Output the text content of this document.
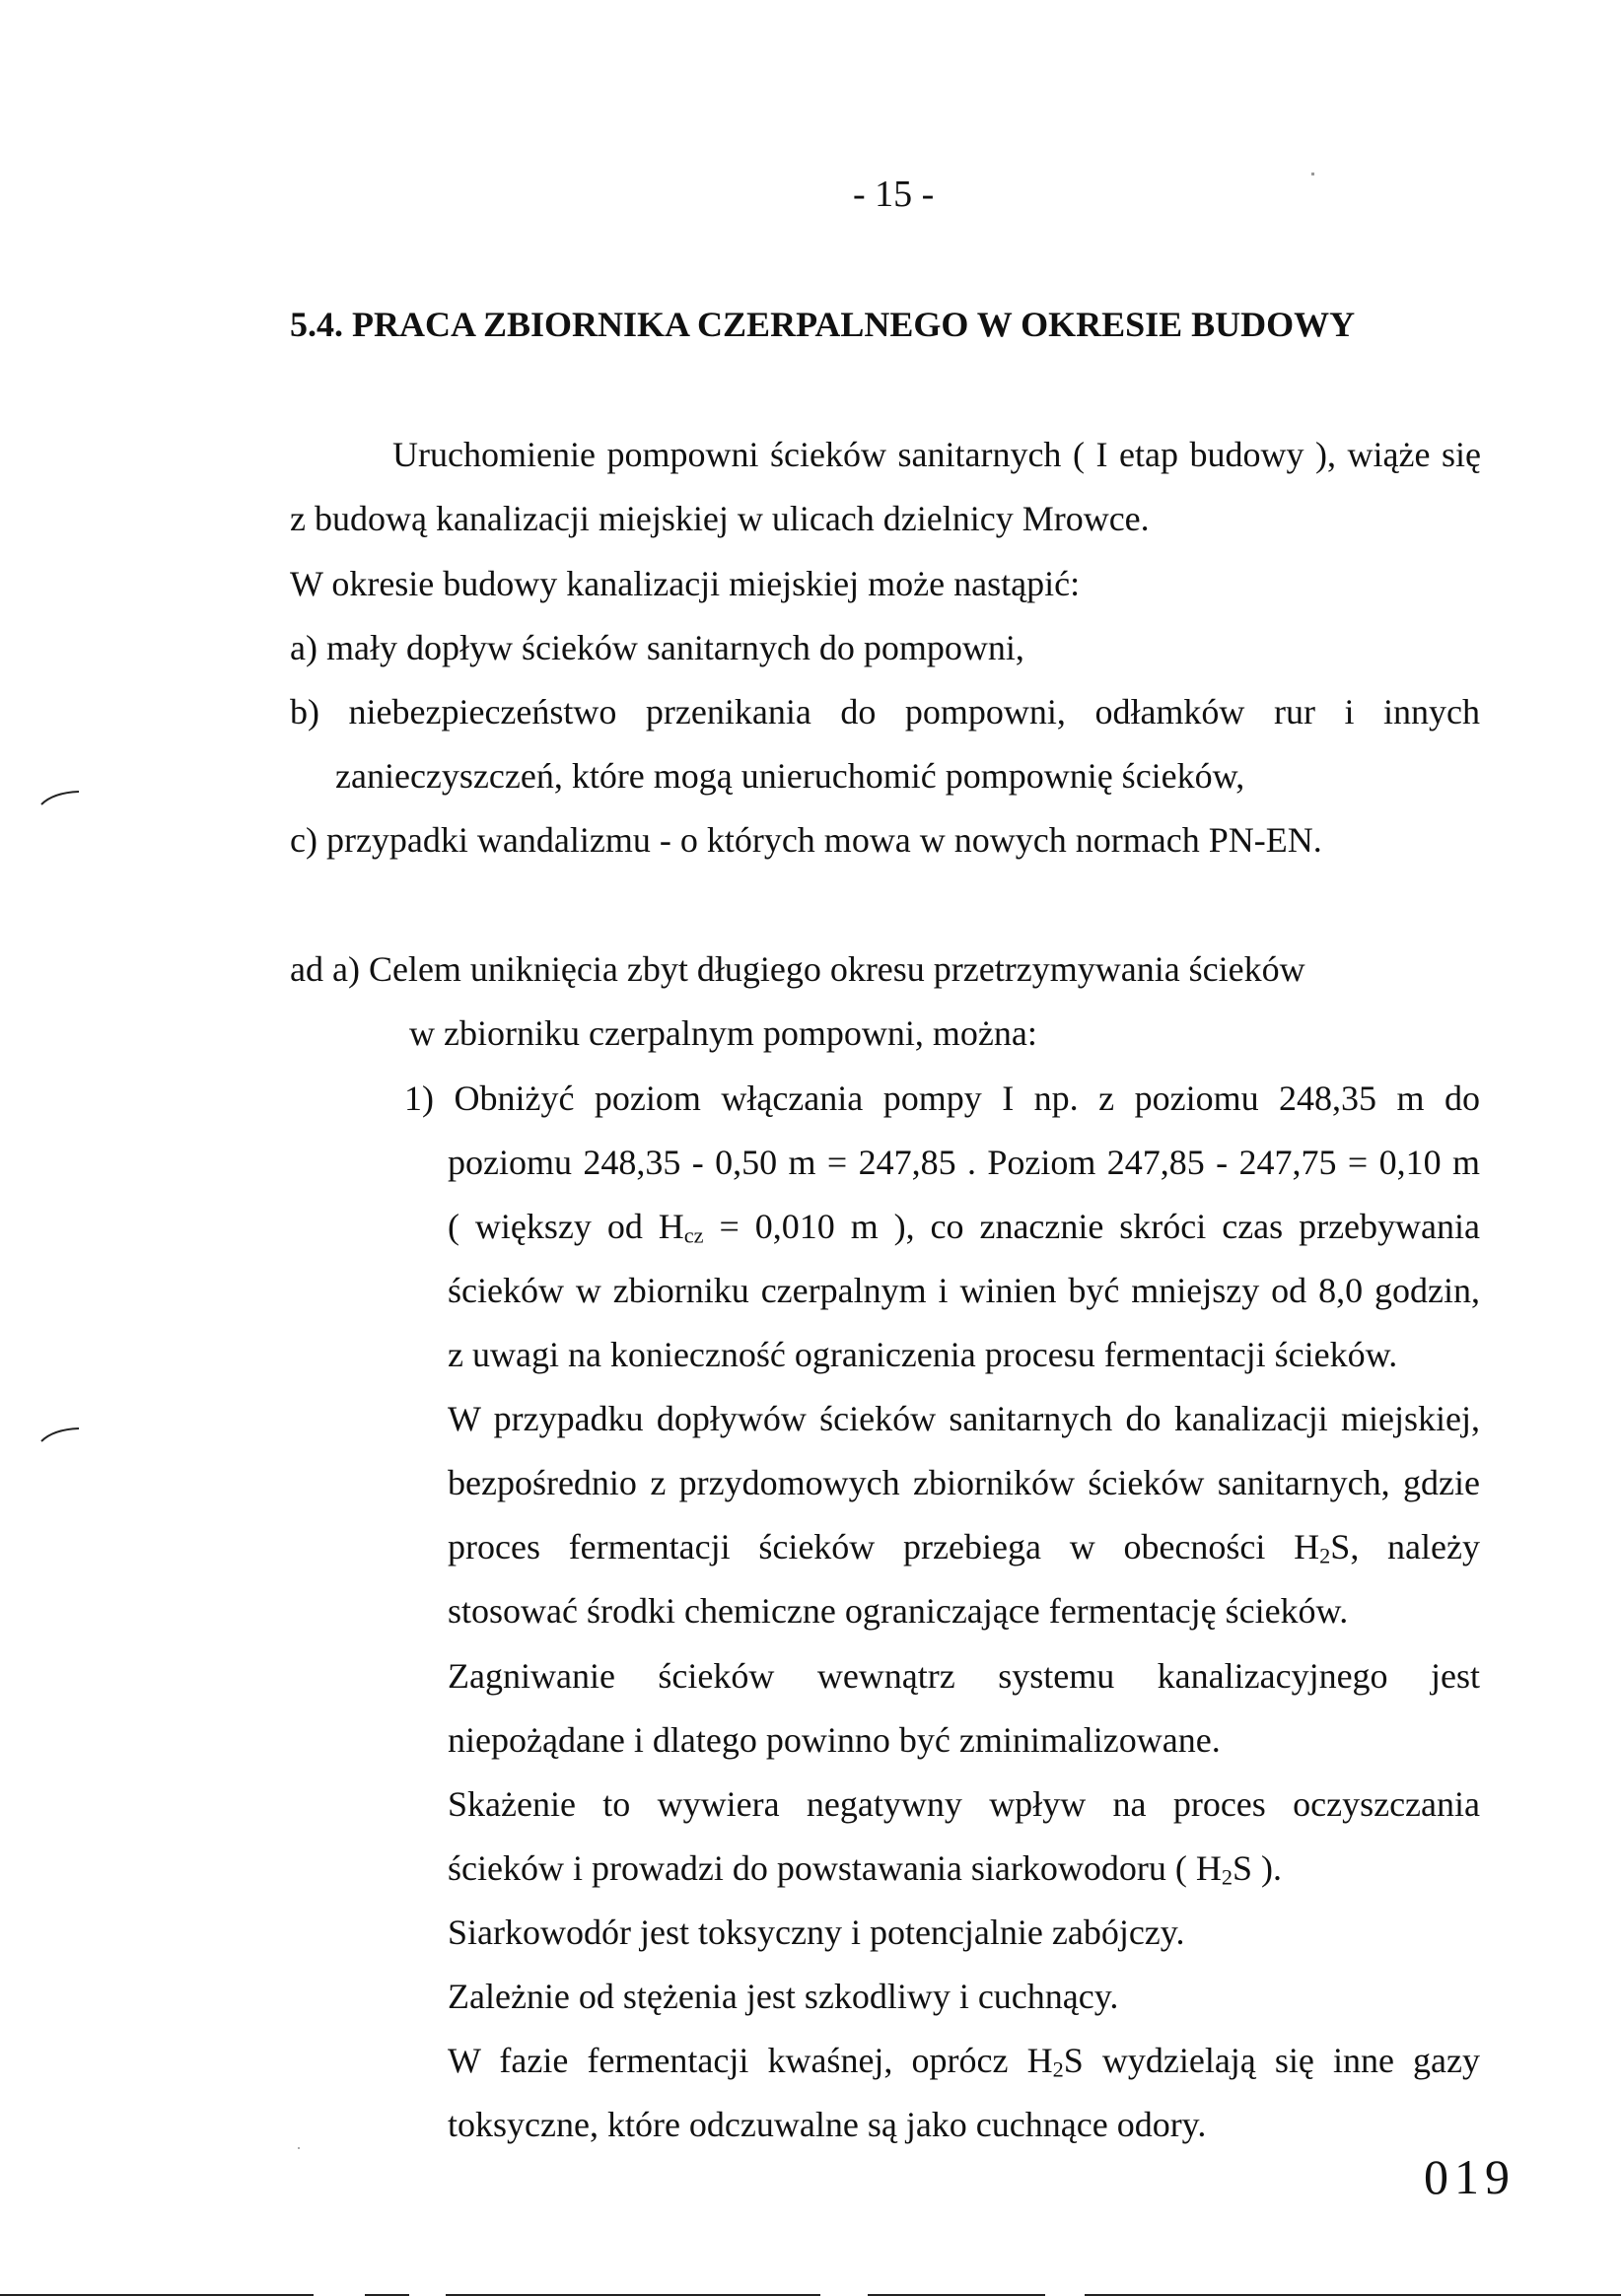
- 15 -
5.4. PRACA ZBIORNIKA CZERPALNEGO W OKRESIE BUDOWY
Uruchomienie pompowni ścieków sanitarnych ( I etap budowy ), wiąże się
z budową kanalizacji miejskiej w ulicach dzielnicy Mrowce.
W okresie budowy kanalizacji miejskiej może nastąpić:
a) mały dopływ ścieków sanitarnych do pompowni,
b) niebezpieczeństwo przenikania do pompowni, odłamków rur i innych
zanieczyszczeń, które mogą unieruchomić pompownię ścieków,
c) przypadki wandalizmu - o których mowa w nowych normach PN-EN.
ad a) Celem uniknięcia zbyt długiego okresu przetrzymywania ścieków
w zbiorniku czerpalnym pompowni, można:
1) Obniżyć poziom włączania pompy I np. z poziomu 248,35 m do
poziomu 248,35 - 0,50 m = 247,85 . Poziom 247,85 - 247,75 = 0,10 m
( większy od $H_{cz} = 0,010$ m ), co znacznie skróci czas przebywania
ścieków w zbiorniku czerpalnym i winien być mniejszy od 8,0 godzin,
z uwagi na konieczność ograniczenia procesu fermentacji ścieków.
W przypadku dopływów ścieków sanitarnych do kanalizacji miejskiej,
bezpośrednio z przydomowych zbiorników ścieków sanitarnych, gdzie
proces fermentacji ścieków przebiega w obecności $H_2S$, należy
stosować środki chemiczne ograniczające fermentację ścieków.
Zagniwanie ścieków wewnątrz systemu kanalizacyjnego jest
niepożądane i dlatego powinno być zminimalizowane.
Skażenie to wywiera negatywny wpływ na proces oczyszczania
ścieków i prowadzi do powstawania siarkowodoru ( $H_2S$ ).
Siarkowodór jest toksyczny i potencjalnie zabójczy.
Zależnie od stężenia jest szkodliwy i cuchnący.
W fazie fermentacji kwaśnej, oprócz $H_2S$ wydzielają się inne gazy
toksyczne, które odczuwalne są jako cuchnące odory.
019
